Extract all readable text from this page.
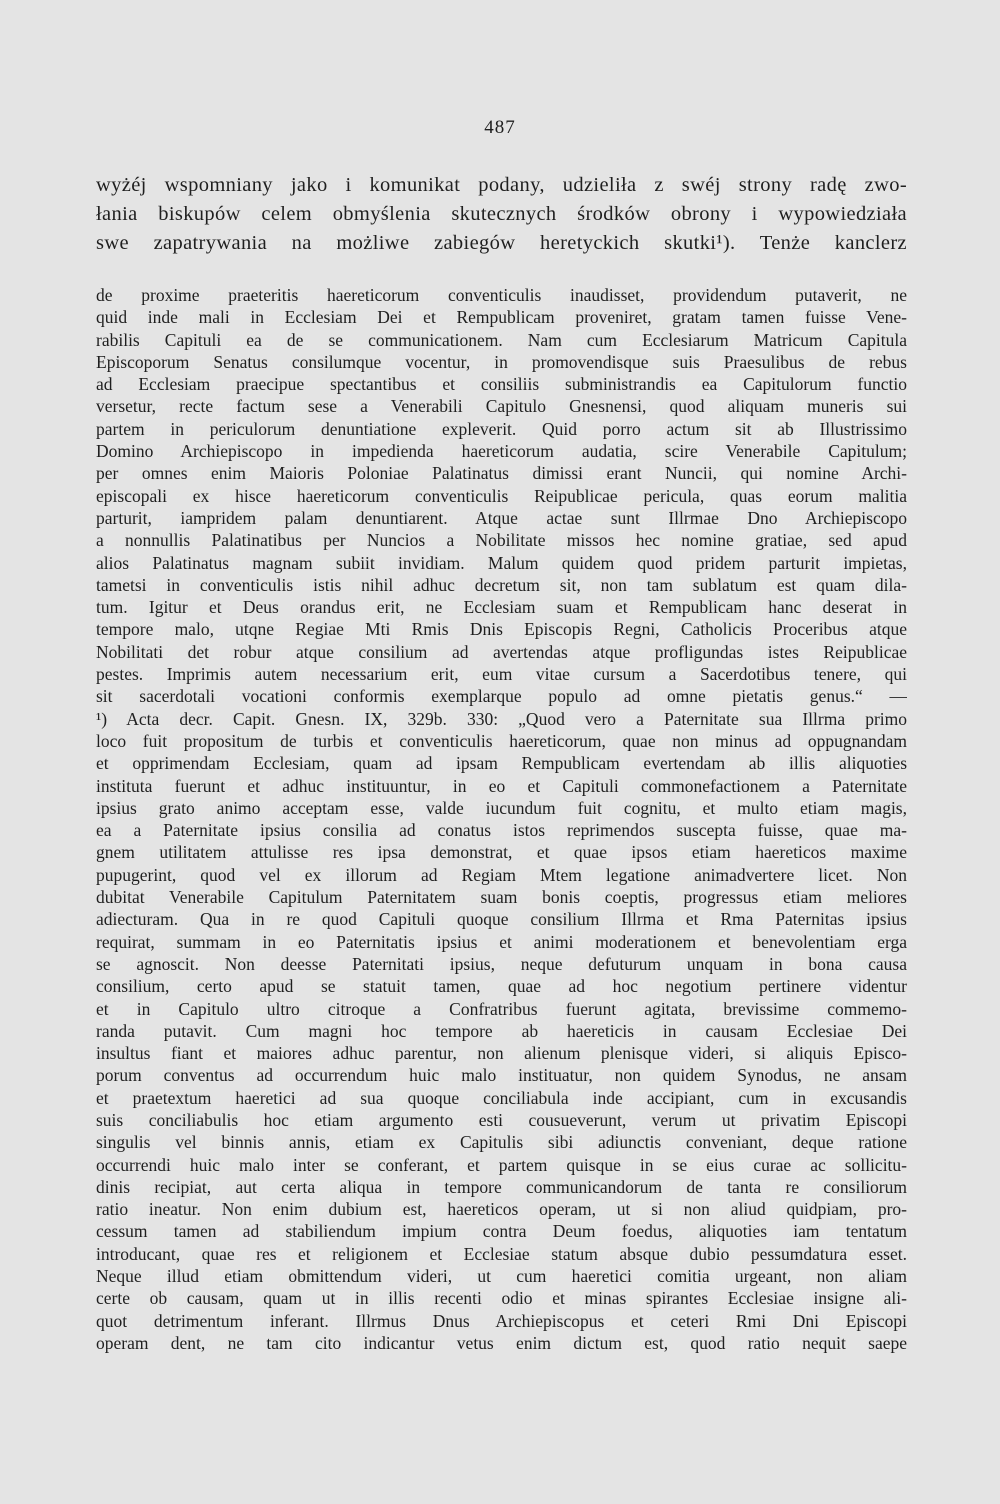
487
wyżéj wspomniany jako i komunikat podany, udzieliła z swéj strony radę zwo-
łania biskupów celem obmyślenia skutecznych środków obrony i wypowiedziała
swe zapatrywania na możliwe zabiegów heretyckich skutki¹). Tenże kanclerz
de proxime praeteritis haereticorum conventiculis inaudisset, providendum putaverit, ne
quid inde mali in Ecclesiam Dei et Rempublicam proveniret, gratam tamen fuisse Vene-
rabilis Capituli ea de se communicationem. Nam cum Ecclesiarum Matricum Capitula
Episcoporum Senatus consilumque vocentur, in promovendisque suis Praesulibus de rebus
ad Ecclesiam praecipue spectantibus et consiliis subministrandis ea Capitulorum functio
versetur, recte factum sese a Venerabili Capitulo Gnesnensi, quod aliquam muneris sui
partem in periculorum denuntiatione expleverit. Quid porro actum sit ab Illustrissimo
Domino Archiepiscopo in impedienda haereticorum audatia, scire Venerabile Capitulum;
per omnes enim Maioris Poloniae Palatinatus dimissi erant Nuncii, qui nomine Archi-
episcopali ex hisce haereticorum conventiculis Reipublicae pericula, quas eorum malitia
parturit, iampridem palam denuntiarent. Atque actae sunt Illrmae Dno Archiepiscopo
a nonnullis Palatinatibus per Nuncios a Nobilitate missos hec nomine gratiae, sed apud
alios Palatinatus magnam subiit invidiam. Malum quidem quod pridem parturit impietas,
tametsi in conventiculis istis nihil adhuc decretum sit, non tam sublatum est quam dila-
tum. Igitur et Deus orandus erit, ne Ecclesiam suam et Rempublicam hanc deserat in
tempore malo, utqne Regiae Mti Rmis Dnis Episcopis Regni, Catholicis Proceribus atque
Nobilitati det robur atque consilium ad avertendas atque profligundas istes Reipublicae
pestes. Imprimis autem necessarium erit, eum vitae cursum a Sacerdotibus tenere, qui
sit sacerdotali vocationi conformis exemplarque populo ad omne pietatis genus.“ —
¹) Acta decr. Capit. Gnesn. IX, 329b. 330: „Quod vero a Paternitate sua Illrma primo
loco fuit propositum de turbis et conventiculis haereticorum, quae non minus ad oppugnandam
et opprimendam Ecclesiam, quam ad ipsam Rempublicam evertendam ab illis aliquoties
instituta fuerunt et adhuc instituuntur, in eo et Capituli commonefactionem a Paternitate
ipsius grato animo acceptam esse, valde iucundum fuit cognitu, et multo etiam magis,
ea a Paternitate ipsius consilia ad conatus istos reprimendos suscepta fuisse, quae ma-
gnem utilitatem attulisse res ipsa demonstrat, et quae ipsos etiam haereticos maxime
pupugerint, quod vel ex illorum ad Regiam Mtem legatione animadvertere licet. Non
dubitat Venerabile Capitulum Paternitatem suam bonis coeptis, progressus etiam meliores
adiecturam. Qua in re quod Capituli quoque consilium Illrma et Rma Paternitas ipsius
requirat, summam in eo Paternitatis ipsius et animi moderationem et benevolentiam erga
se agnoscit. Non deesse Paternitati ipsius, neque defuturum unquam in bona causa
consilium, certo apud se statuit tamen, quae ad hoc negotium pertinere videntur
et in Capitulo ultro citroque a Confratribus fuerunt agitata, brevissime commemo-
randa putavit. Cum magni hoc tempore ab haereticis in causam Ecclesiae Dei
insultus fiant et maiores adhuc parentur, non alienum plenisque videri, si aliquis Episco-
porum conventus ad occurrendum huic malo instituatur, non quidem Synodus, ne ansam
et praetextum haeretici ad sua quoque conciliabula inde accipiant, cum in excusandis
suis conciliabulis hoc etiam argumento esti cousueverunt, verum ut privatim Episcopi
singulis vel binnis annis, etiam ex Capitulis sibi adiunctis conveniant, deque ratione
occurrendi huic malo inter se conferant, et partem quisque in se eius curae ac sollicitu-
dinis recipiat, aut certa aliqua in tempore communicandorum de tanta re consiliorum
ratio ineatur. Non enim dubium est, haereticos operam, ut si non aliud quidpiam, pro-
cessum tamen ad stabiliendum impium contra Deum foedus, aliquoties iam tentatum
introducant, quae res et religionem et Ecclesiae statum absque dubio pessumdatura esset.
Neque illud etiam obmittendum videri, ut cum haeretici comitia urgeant, non aliam
certe ob causam, quam ut in illis recenti odio et minas spirantes Ecclesiae insigne ali-
quot detrimentum inferant. Illrmus Dnus Archiepiscopus et ceteri Rmi Dni Episcopi
operam dent, ne tam cito indicantur vetus enim dictum est, quod ratio nequit saepe
